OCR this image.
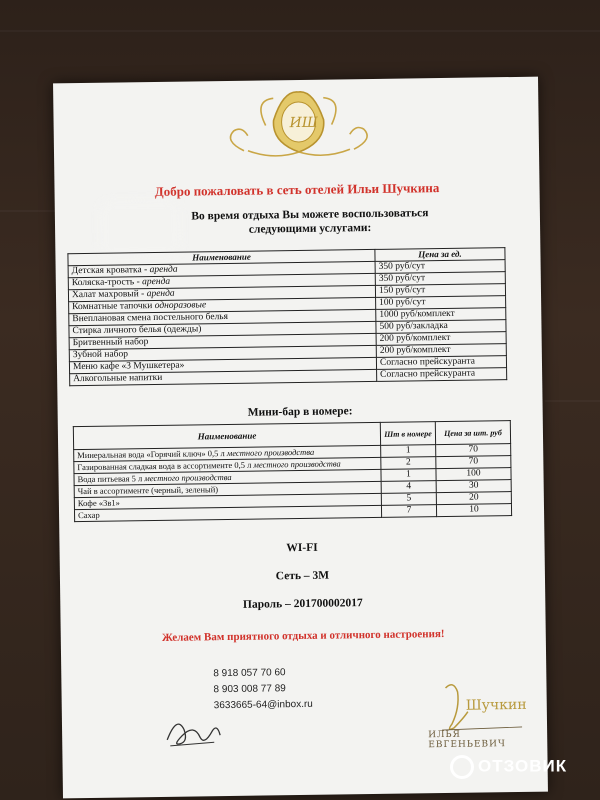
ИШ
Добро пожаловать в сеть отелей Ильи Шучкина
Во время отдыха Вы можете воспользоваться
следующими услугами:
Наименование	Цена за ед.
Детская кроватка - аренда	350 руб/сут
Коляска-трость - аренда	350 руб/сут
Халат махровый - аренда	150 руб/сут
Комнатные тапочки одноразовые	100 руб/сут
Внеплановая смена постельного белья	1000 руб/комплект
Стирка личного белья (одежды)	500 руб/закладка
Бритвенный набор	200 руб/комплект
Зубной набор	200 руб/комплект
Меню кафе «3 Мушкетера»	Согласно прейскуранта
Алкогольные напитки	Согласно прейскуранта
Мини-бар в номере:
Наименование	Шт в номере	Цена за шт. руб
Минеральная вода «Горячий ключ» 0,5 л местного производства	1	70
Газированная сладкая вода в ассортименте 0,5 л местного производства	2	70
Вода питьевая 5 л местного производства	1	100
Чай в ассортименте (черный, зеленый)	4	30
Кофе «3в1»	5	20
Сахар	7	10
WI-FI
Сеть – 3М
Пароль – 201700002017
Желаем Вам приятного отдыха и отличного настроения!
8 918 057 70 60
8 903 008 77 89
3633665-64@inbox.ru	Шучкин
ИЛЬЯ ЕВГЕНЬЕВИЧ
ОТЗОВИК
